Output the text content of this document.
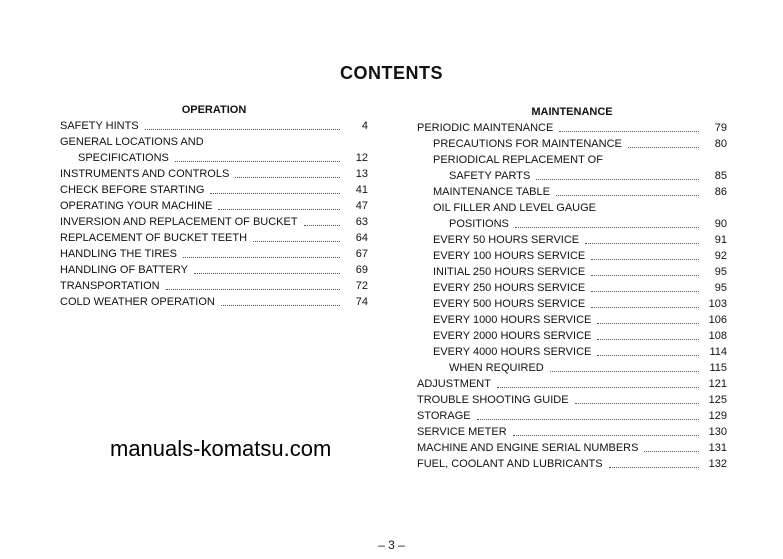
CONTENTS
OPERATION
SAFETY HINTS	4
GENERAL LOCATIONS AND
SPECIFICATIONS	12
INSTRUMENTS AND CONTROLS	13
CHECK BEFORE STARTING	41
OPERATING YOUR MACHINE	47
INVERSION AND REPLACEMENT OF BUCKET	63
REPLACEMENT OF BUCKET TEETH	64
HANDLING THE TIRES	67
HANDLING OF BATTERY	69
TRANSPORTATION	72
COLD WEATHER OPERATION	74
MAINTENANCE
PERIODIC MAINTENANCE	79
PRECAUTIONS FOR MAINTENANCE	80
PERIODICAL REPLACEMENT OF
SAFETY PARTS	85
MAINTENANCE TABLE	86
OIL FILLER AND LEVEL GAUGE
POSITIONS	90
EVERY 50 HOURS SERVICE	91
EVERY 100 HOURS SERVICE	92
INITIAL 250 HOURS SERVICE	95
EVERY 250 HOURS SERVICE	95
EVERY 500 HOURS SERVICE	103
EVERY 1000 HOURS SERVICE	106
EVERY 2000 HOURS SERVICE	108
EVERY 4000 HOURS SERVICE	114
WHEN REQUIRED	115
ADJUSTMENT	121
TROUBLE SHOOTING GUIDE	125
STORAGE	129
SERVICE METER	130
MACHINE AND ENGINE SERIAL NUMBERS	131
FUEL, COOLANT AND LUBRICANTS	132
manuals-komatsu.com
– 3 –
